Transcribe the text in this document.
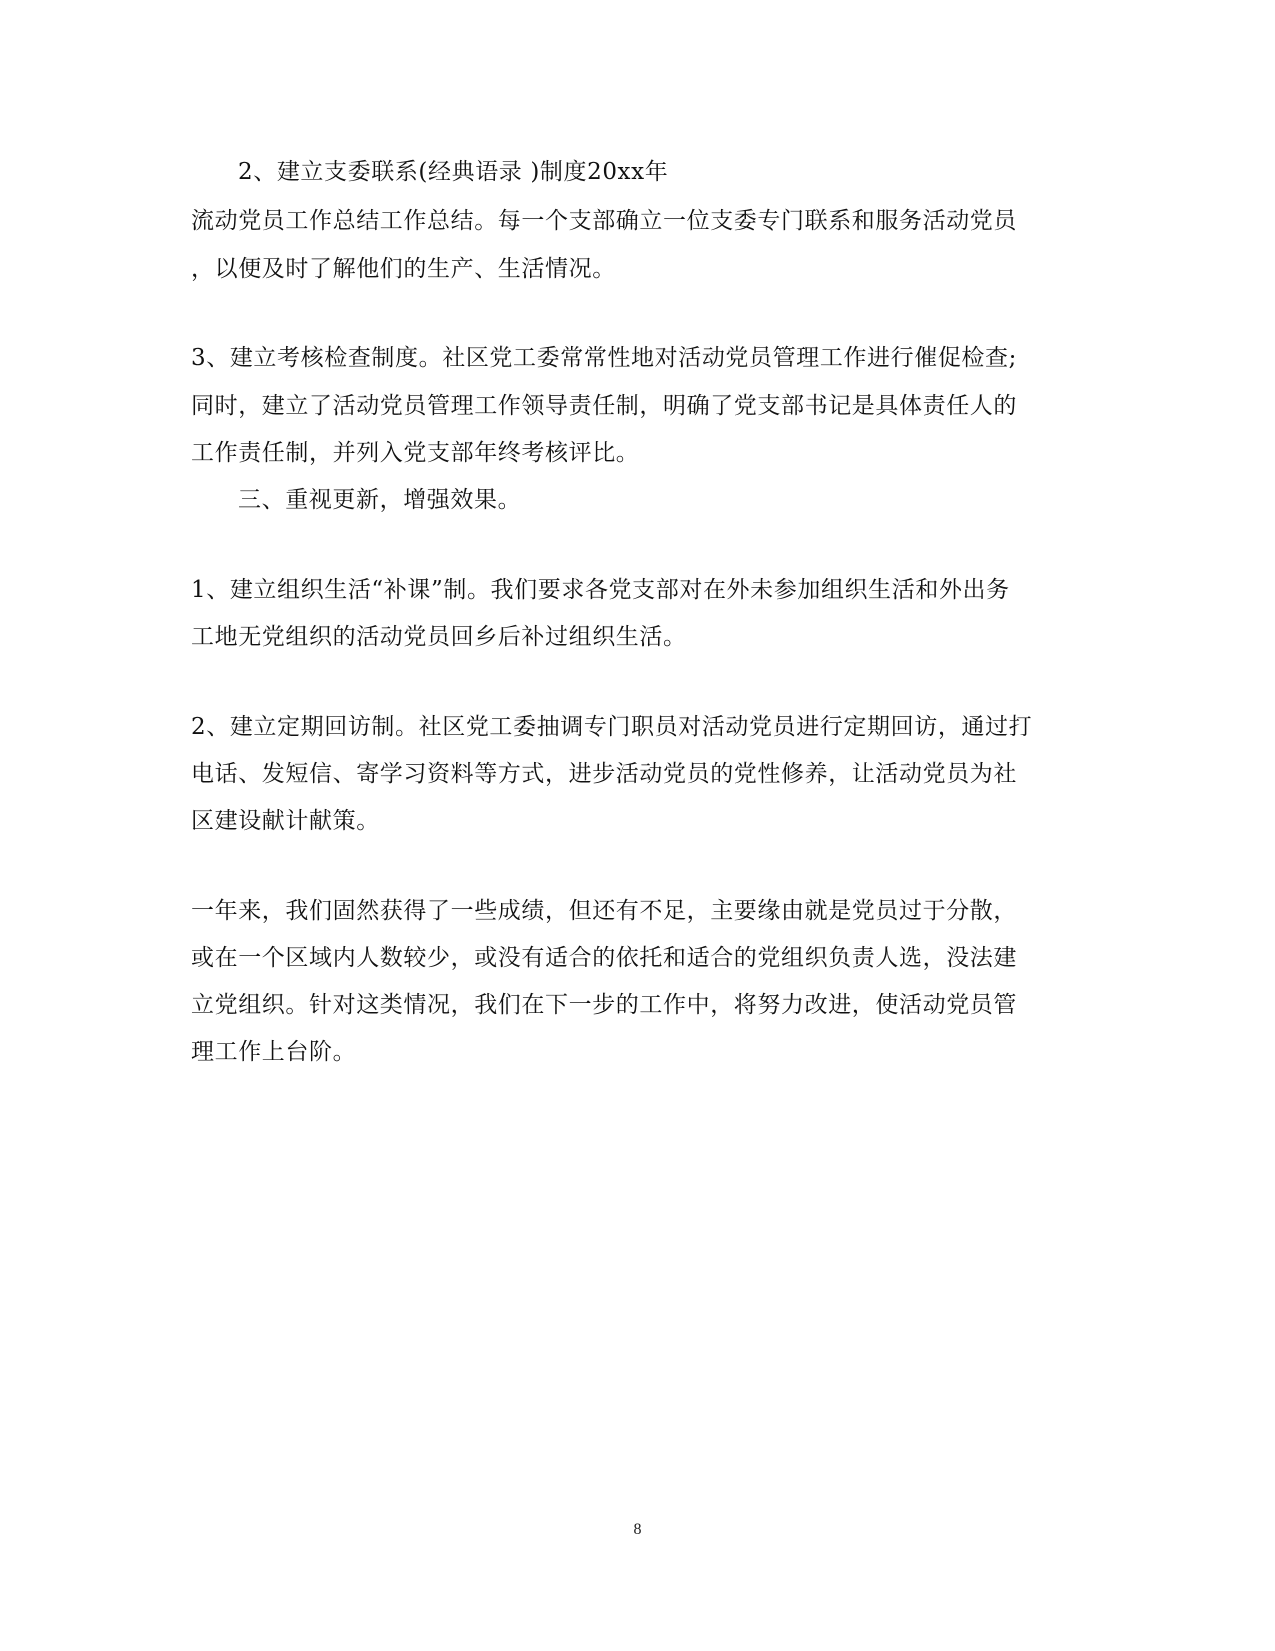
2、建立支委联系(经典语录 )制度20xx年
流动党员工作总结工作总结。每一个支部确立一位支委专门联系和服务活动党员
，以便及时了解他们的生产、生活情况。
3、建立考核检查制度。社区党工委常常性地对活动党员管理工作进行催促检查;
同时，建立了活动党员管理工作领导责任制，明确了党支部书记是具体责任人的
工作责任制，并列入党支部年终考核评比。
三、重视更新，增强效果。
1、建立组织生活“补课”制。我们要求各党支部对在外未参加组织生活和外出务
工地无党组织的活动党员回乡后补过组织生活。
2、建立定期回访制。社区党工委抽调专门职员对活动党员进行定期回访，通过打
电话、发短信、寄学习资料等方式，进步活动党员的党性修养，让活动党员为社
区建设献计献策。
一年来，我们固然获得了一些成绩，但还有不足，主要缘由就是党员过于分散，
或在一个区域内人数较少，或没有适合的依托和适合的党组织负责人选，没法建
立党组织。针对这类情况，我们在下一步的工作中，将努力改进，使活动党员管
理工作上台阶。
8
